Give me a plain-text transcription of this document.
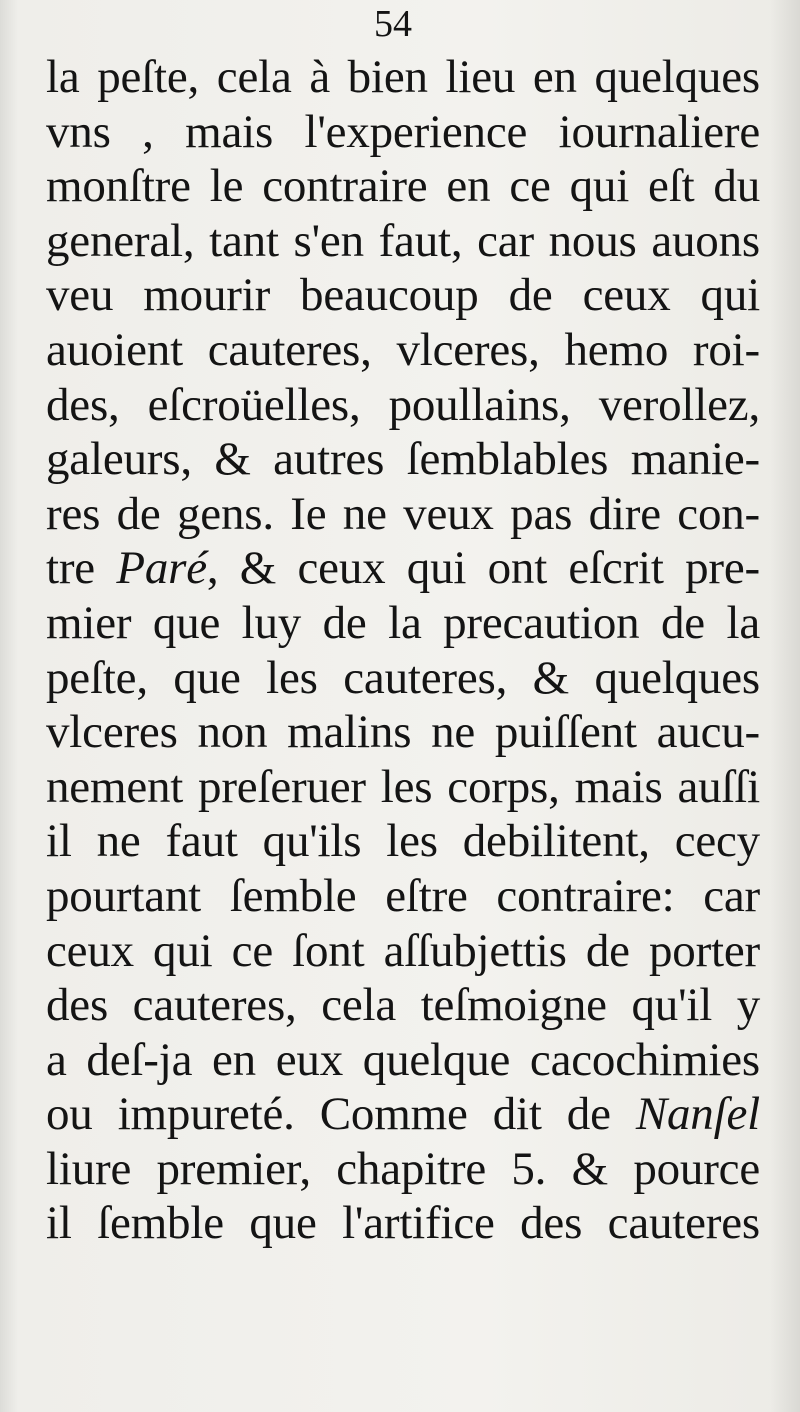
54
la peſte, cela à bien lieu en quelques
vns , mais l'experience iournaliere
monſtre le contraire en ce qui eſt du
general, tant s'en faut, car nous auons
veu mourir beaucoup de ceux qui
auoient cauteres, vlceres, hemo roi-
des, eſcroüelles, poullains, verollez,
galeurs, & autres ſemblables manie-
res de gens. Ie ne veux pas dire con-
tre Paré, & ceux qui ont eſcrit pre-
mier que luy de la precaution de la
peſte, que les cauteres, & quelques
vlceres non malins ne puiſſent aucu-
nement preſeruer les corps, mais auſſi
il ne faut qu'ils les debilitent, cecy
pourtant ſemble eſtre contraire: car
ceux qui ce ſont aſſubjettis de porter
des cauteres, cela teſmoigne qu'il y
a deſ-ja en eux quelque cacochimies
ou impureté. Comme dit de Nanſel
liure premier, chapitre 5. & pource
il ſemble que l'artifice des cauteres
